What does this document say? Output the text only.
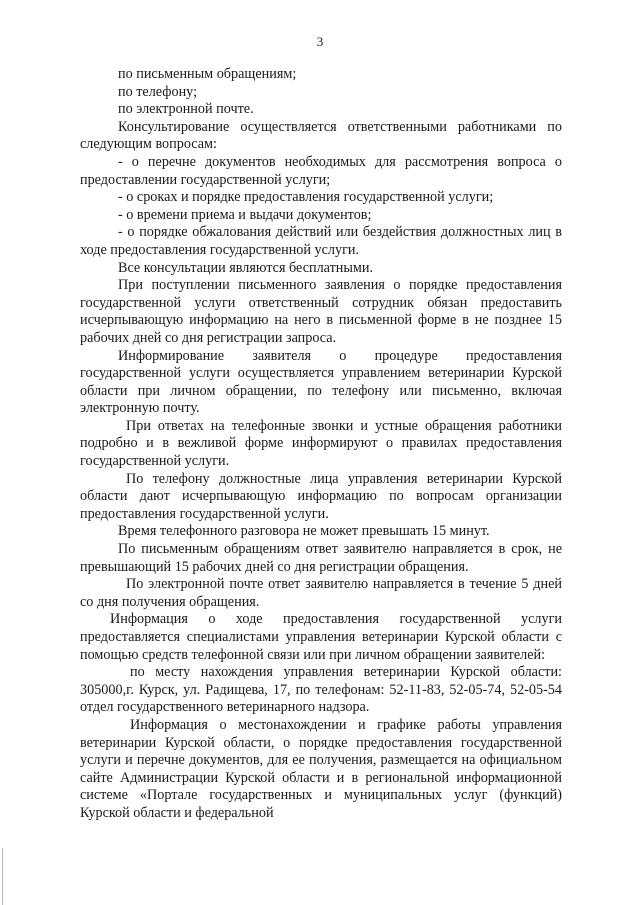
3

по письменным обращениям;

по телефону;

по электронной почте.

Консультирование осуществляется ответственными работниками по следующим вопросам:

- о перечне документов необходимых для рассмотрения вопроса о предоставлении государственной услуги;

- о сроках и порядке предоставления государственной услуги;

- о времени приема и выдачи документов;

- о порядке обжалования действий или бездействия должностных лиц в ходе предоставления государственной услуги.

Все консультации являются бесплатными.

При поступлении письменного заявления о порядке предоставления государственной услуги ответственный сотрудник обязан предоставить исчерпывающую информацию на него в письменной форме в не позднее 15 рабочих дней со дня регистрации запроса.

Информирование заявителя о процедуре предоставления государственной услуги осуществляется управлением ветеринарии Курской области при личном обращении, по телефону или письменно, включая электронную почту.

При ответах на телефонные звонки и устные обращения работники подробно и в вежливой форме информируют о правилах предоставления государственной услуги.

По телефону должностные лица управления ветеринарии Курской области дают исчерпывающую информацию по вопросам организации предоставления государственной услуги.

Время телефонного разговора не может превышать 15 минут.

По письменным обращениям ответ заявителю направляется в срок, не превышающий 15 рабочих дней со дня регистрации обращения.

По электронной почте ответ заявителю направляется в течение 5 дней со дня получения обращения.

Информация о ходе предоставления государственной услуги предоставляется специалистами управления ветеринарии Курской области с помощью средств телефонной связи или при личном обращении заявителей:

по месту нахождения управления ветеринарии Курской области: 305000,г. Курск, ул. Радищева, 17, по телефонам: 52-11-83, 52-05-74, 52-05-54 отдел государственного ветеринарного надзора.

Информация о местонахождении и графике работы управления ветеринарии Курской области, о порядке предоставления государственной услуги и перечне документов, для ее получения, размещается на официальном сайте Администрации Курской области и в региональной информационной системе «Портале государственных и муниципальных услуг (функций) Курской области и федеральной
